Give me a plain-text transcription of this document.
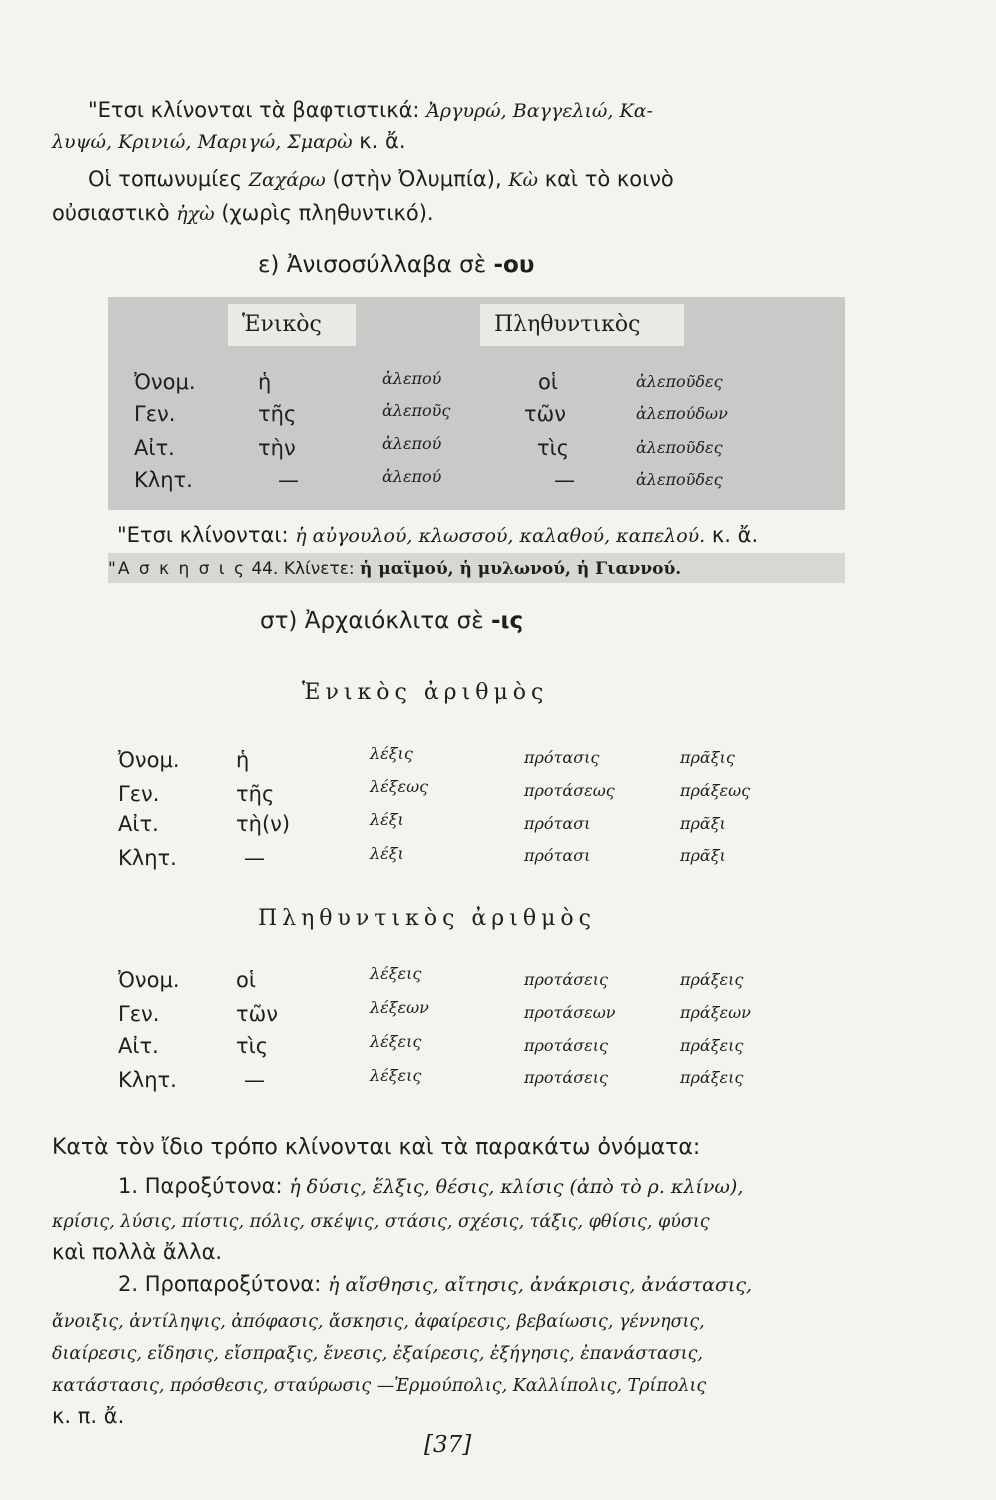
"Ετσι κλίνονται τὰ βαφτιστικά: Ἀργυρώ, Βαγγελιώ, Κα-
λυψώ, Κρινιώ, Μαριγώ, Σμαρὼ κ. ἄ.
Οἱ τοπωνυμίες Ζαχάρω (στὴν Ὀλυμπία), Κὼ καὶ τὸ κοινὸ
οὐσιαστικὸ ἠχὼ (χωρὶς πληθυντικό).
ε) Ἀνισοσύλλαβα σὲ -ου
Ἑνικὸς	Πληθυντικὸς
Ὀνομ.	ἡ	ἀλεπού	οἱ	ἀλεποῦδες
Γεν.	τῆς	ἀλεποῦς	τῶν	ἀλεπούδων
Αἰτ.	τὴν	ἀλεπού	τὶς	ἀλεποῦδες
Κλητ.	—	ἀλεπού	—	ἀλεποῦδες
"Ετσι κλίνονται: ἡ αὐγουλού, κλωσσού, καλαθού, καπελού. κ. ἄ.
"Α σ κ η σ ι ς 44. Κλίνετε: ἡ μαϊμού, ἡ μυλωνού, ἡ Γιαννού.
στ) Ἀρχαιόκλιτα σὲ -ις
Ἑνικὸς ἀριθμὸς
Ὀνομ.	ἡ	λέξις	πρότασις	πρᾶξις
Γεν.	τῆς	λέξεως	προτάσεως	πράξεως
Αἰτ.	τὴ(ν)	λέξι	πρότασι	πρᾶξι
Κλητ.	—	λέξι	πρότασι	πρᾶξι
Πληθυντικὸς ἀριθμὸς
Ὀνομ.	οἱ	λέξεις	προτάσεις	πράξεις
Γεν.	τῶν	λέξεων	προτάσεων	πράξεων
Αἰτ.	τὶς	λέξεις	προτάσεις	πράξεις
Κλητ.	—	λέξεις	προτάσεις	πράξεις
Κατὰ τὸν ἴδιο τρόπο κλίνονται καὶ τὰ παρακάτω ὀνόματα:
1. Παροξύτονα: ἡ δύσις, ἕλξις, θέσις, κλίσις (ἀπὸ τὸ ρ. κλίνω),
κρίσις, λύσις, πίστις, πόλις, σκέψις, στάσις, σχέσις, τάξις, φθίσις, φύσις
καὶ πολλὰ ἄλλα.
2. Προπαροξύτονα: ἡ αἴσθησις, αἴτησις, ἀνάκρισις, ἀνάστασις,
ἄνοιξις, ἀντίληψις, ἀπόφασις, ἄσκησις, ἀφαίρεσις, βεβαίωσις, γέννησις,
διαίρεσις, εἴδησις, εἴσπραξις, ἔνεσις, ἐξαίρεσις, ἐξήγησις, ἐπανάστασις,
κατάστασις, πρόσθεσις, σταύρωσις —Ἑρμούπολις, Καλλίπολις, Τρίπολις
κ. π. ἄ.
[37]
